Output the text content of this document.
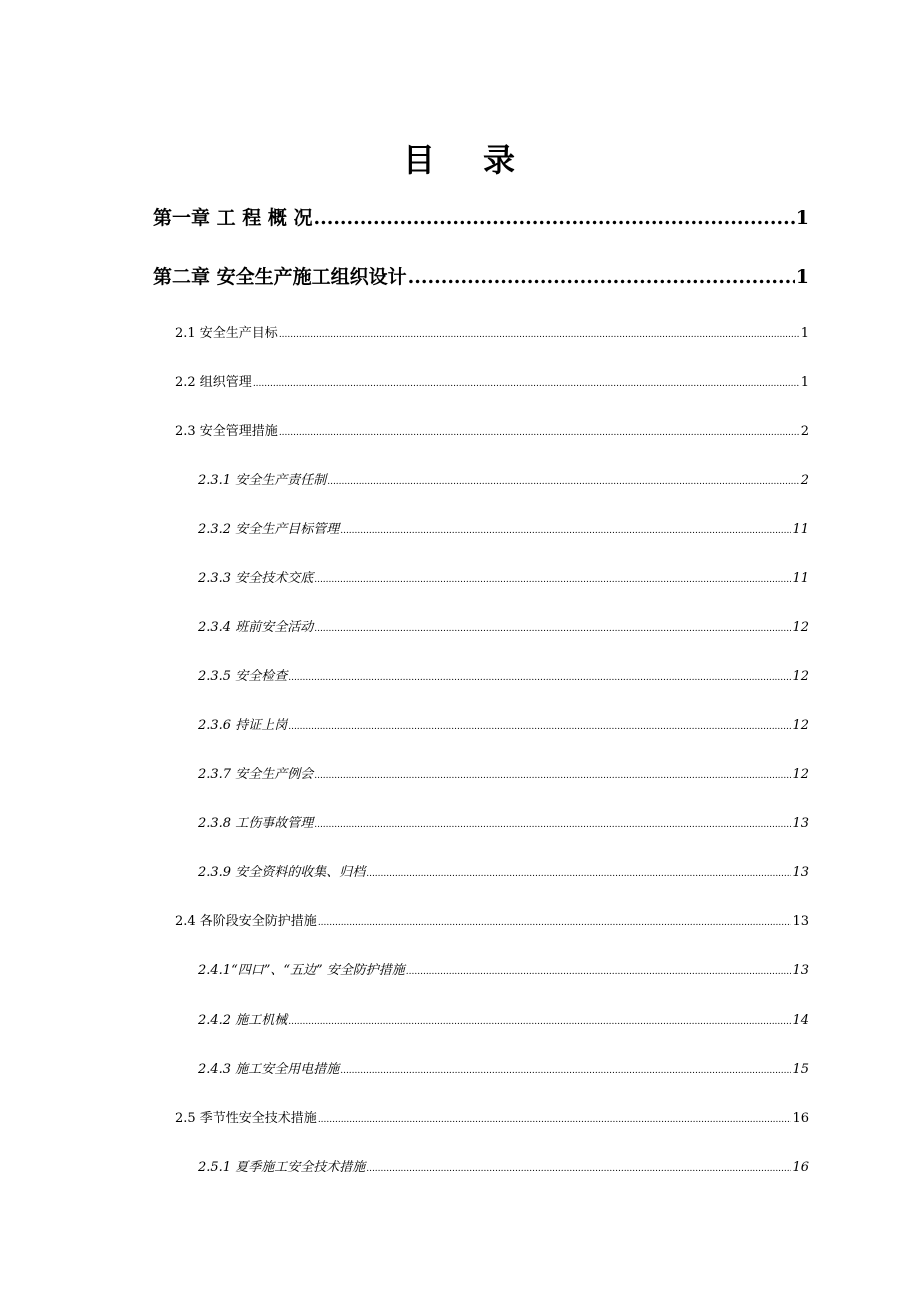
目 录
第一章 工 程 概 况 .....	1
第二章 安全生产施工组织设计 .....	1
2.1 安全生产目标 .....	1
2.2 组织管理 .....	1
2.3 安全管理措施 .....	2
2.3.1 安全生产责任制 .....	2
2.3.2 安全生产目标管理 .....	11
2.3.3 安全技术交底 .....	11
2.3.4 班前安全活动 .....	12
2.3.5 安全检查 .....	12
2.3.6 持证上岗 .....	12
2.3.7 安全生产例会 .....	12
2.3.8 工伤事故管理 .....	13
2.3.9 安全资料的收集、归档 .....	13
2.4 各阶段安全防护措施 .....	13
2.4.1“四口”、“五边” 安全防护措施 .....	13
2.4.2 施工机械 .....	14
2.4.3 施工安全用电措施 .....	15
2.5 季节性安全技术措施 .....	16
2.5.1 夏季施工安全技术措施 .....	16
